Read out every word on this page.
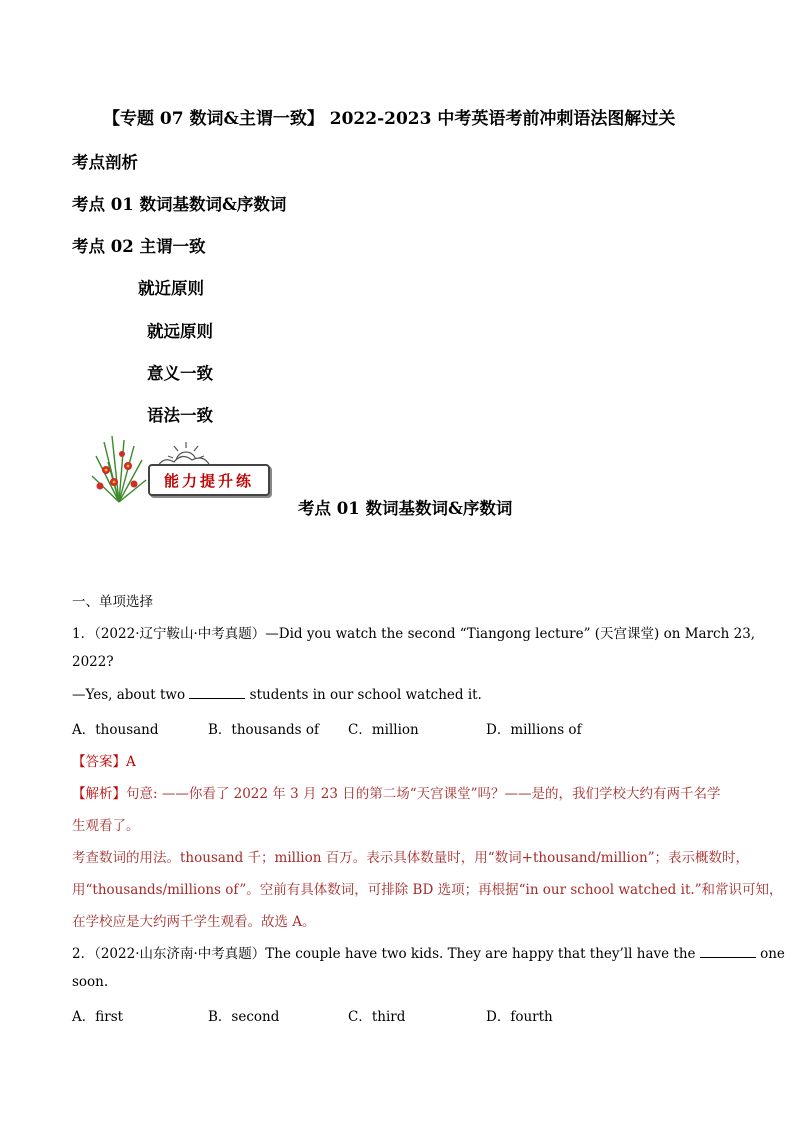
【专题 07 数词&主谓一致】 2022-2023 中考英语考前冲刺语法图解过关
考点剖析
考点 01 数词基数词&序数词
考点 02 主谓一致
就近原则
就远原则
意义一致
语法一致
能力提升练
考点 01 数词基数词&序数词
一、单项选择
1．（2022·辽宁鞍山·中考真题）—Did you watch the second “Tiangong lecture” (天宫课堂) on March 23,
2022?
—Yes, about two	students in our school watched it.
A．thousand	B．thousands of C．million	D．millions of
【答案】A
【解析】句意: ——你看了 2022 年 3 月 23 日的第二场“天宫课堂”吗？——是的，我们学校大约有两千名学
生观看了。
考查数词的用法。thousand 千；million 百万。表示具体数量时，用“数词+thousand/million”；表示概数时，
用“thousands/millions of”。空前有具体数词，可排除 BD 选项；再根据“in our school watched it.”和常识可知，
在学校应是大约两千学生观看。故选 A。
2．（2022·山东济南·中考真题）The couple have two kids. They are happy that they’ll have the	one
soon.
A．first	B．second	C．third	D．fourth
